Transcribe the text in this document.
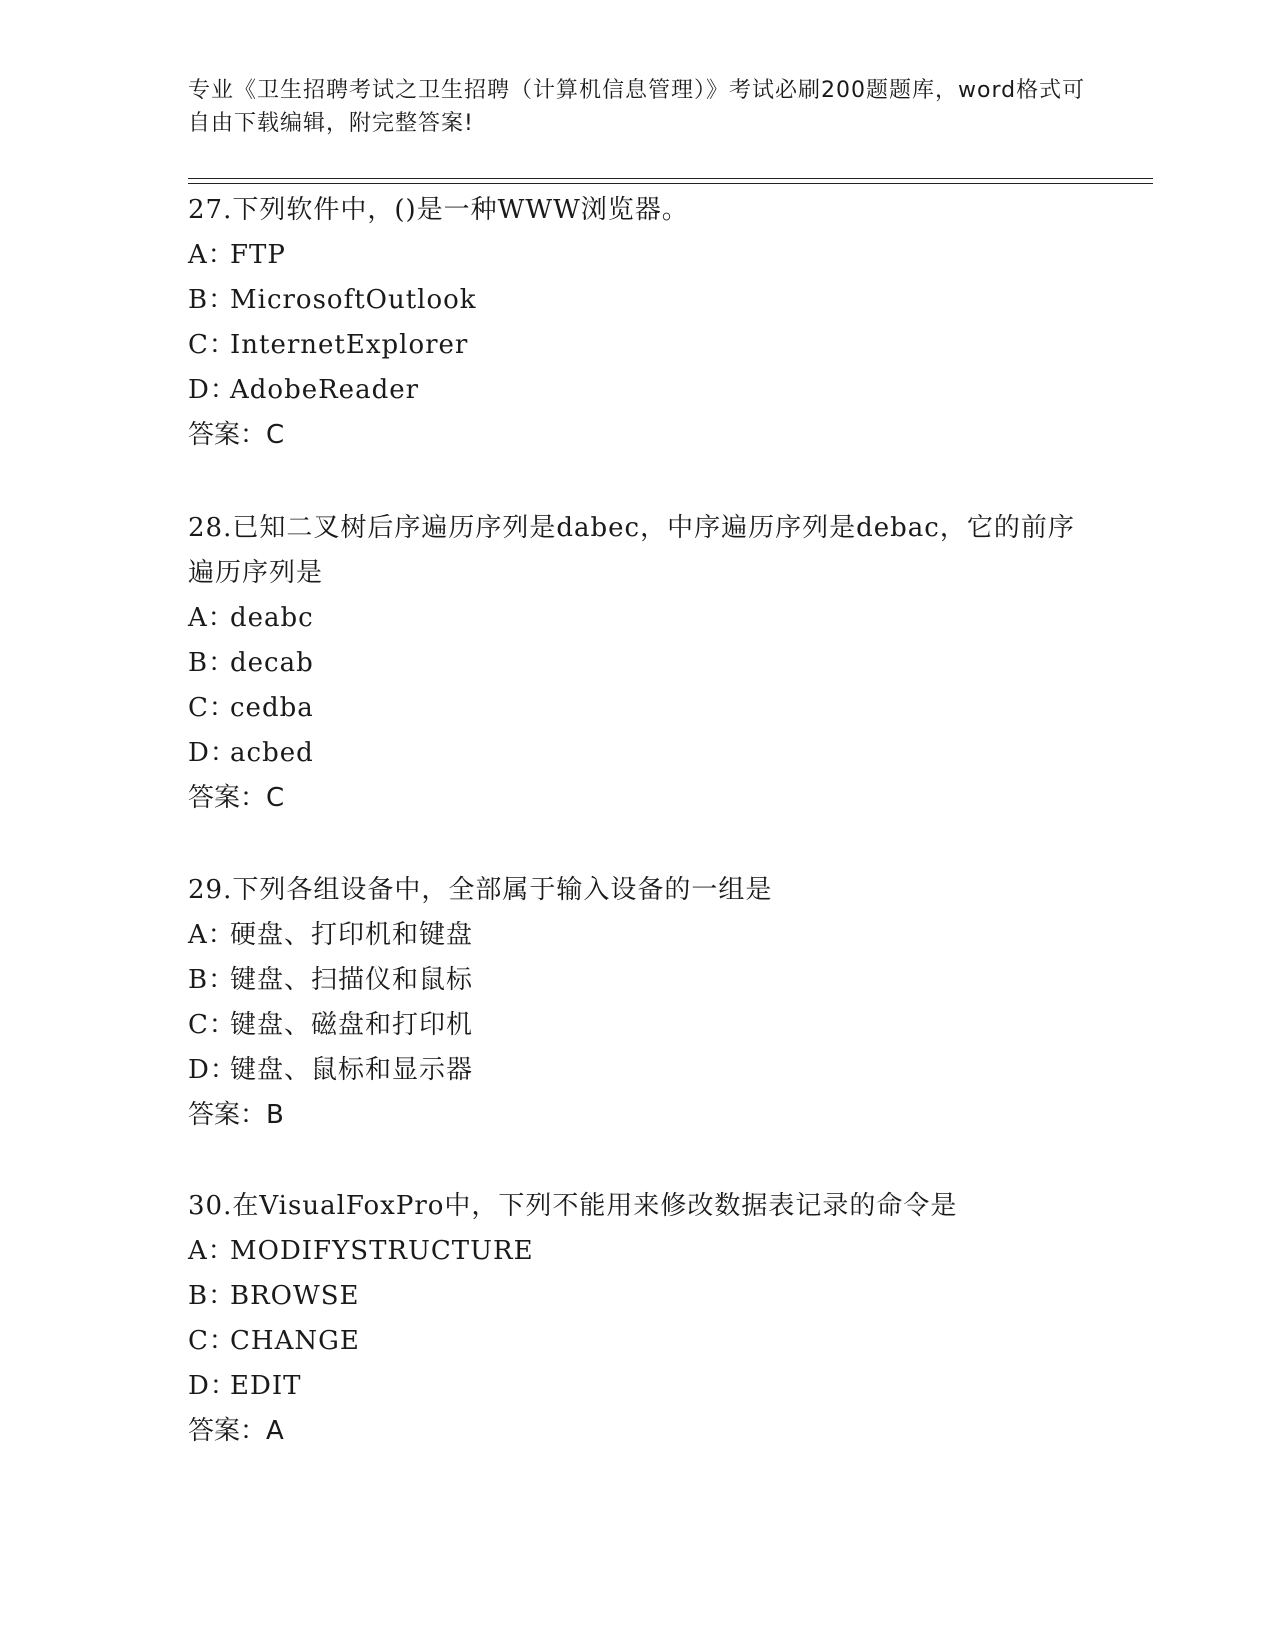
专业《卫生招聘考试之卫生招聘（计算机信息管理）》考试必刷200题题库，word格式可自由下载编辑，附完整答案!

27.下列软件中，()是一种WWW浏览器。

A：FTP

B：MicrosoftOutlook

C：InternetExplorer

D：AdobeReader

答案：C

28.已知二叉树后序遍历序列是dabec，中序遍历序列是debac，它的前序遍历序列是

A：deabc

B：decab

C：cedba

D：acbed

答案：C

29.下列各组设备中，全部属于输入设备的一组是

A：硬盘、打印机和键盘

B：键盘、扫描仪和鼠标

C：键盘、磁盘和打印机

D：键盘、鼠标和显示器

答案：B

30.在VisualFoxPro中，下列不能用来修改数据表记录的命令是

A：MODIFYSTRUCTURE

B：BROWSE

C：CHANGE

D：EDIT

答案：A
